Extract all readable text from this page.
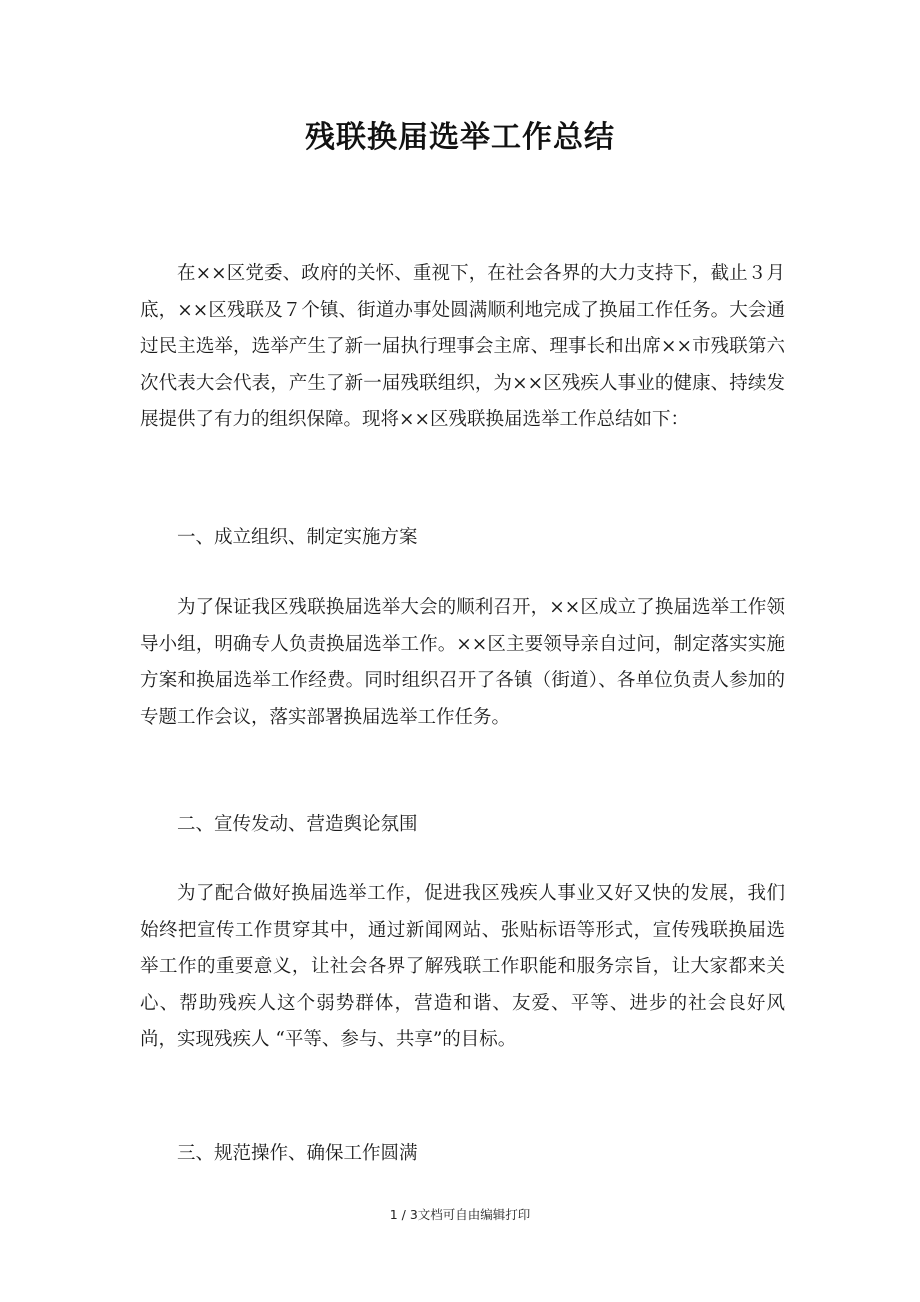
残联换届选举工作总结

在××区党委、政府的关怀、重视下，在社会各界的大力支持下，截止３月底，××区残联及７个镇、街道办事处圆满顺利地完成了换届工作任务。大会通过民主选举，选举产生了新一届执行理事会主席、理事长和出席××市残联第六次代表大会代表，产生了新一届残联组织，为××区残疾人事业的健康、持续发展提供了有力的组织保障。现将××区残联换届选举工作总结如下：

一、成立组织、制定实施方案

为了保证我区残联换届选举大会的顺利召开，××区成立了换届选举工作领导小组，明确专人负责换届选举工作。××区主要领导亲自过问，制定落实实施方案和换届选举工作经费。同时组织召开了各镇（街道）、各单位负责人参加的专题工作会议，落实部署换届选举工作任务。

二、宣传发动、营造舆论氛围

为了配合做好换届选举工作，促进我区残疾人事业又好又快的发展，我们始终把宣传工作贯穿其中，通过新闻网站、张贴标语等形式，宣传残联换届选举工作的重要意义，让社会各界了解残联工作职能和服务宗旨，让大家都来关心、帮助残疾人这个弱势群体，营造和谐、友爱、平等、进步的社会良好风尚，实现残疾人 “平等、参与、共享”的目标。

三、规范操作、确保工作圆满

1 / 3文档可自由编辑打印
